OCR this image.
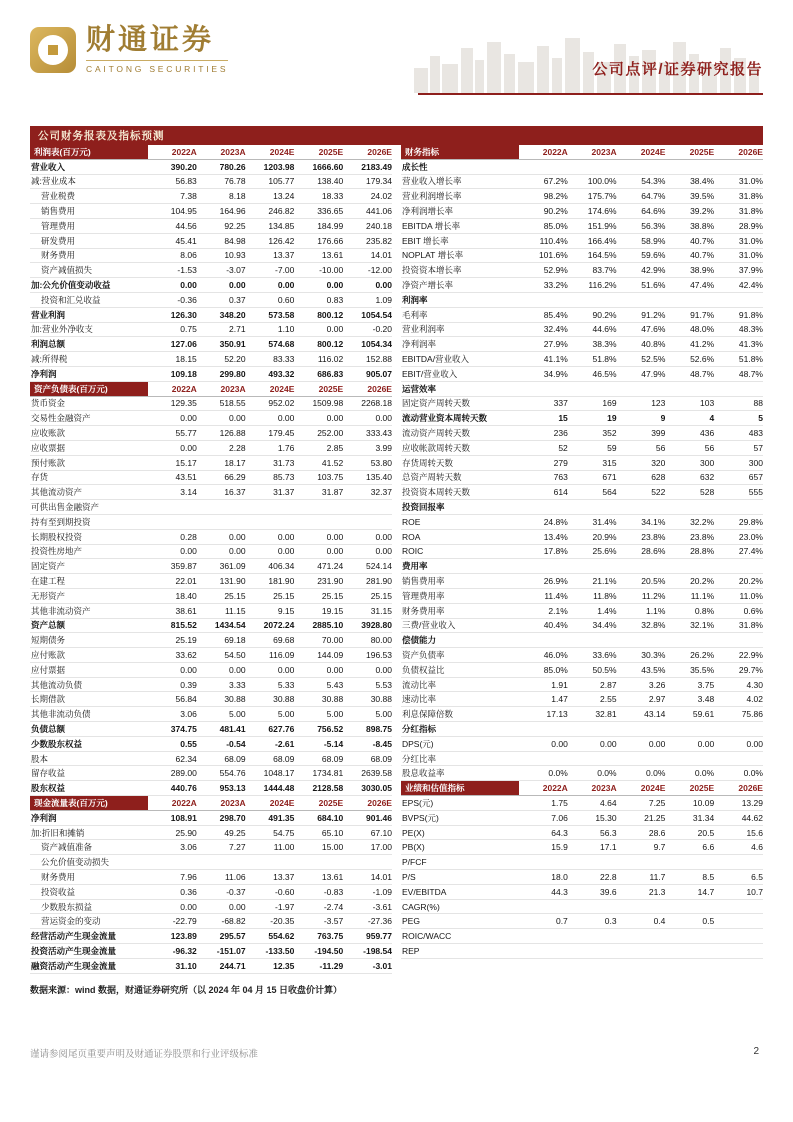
财通证券
CAITONG SECURITIES	公司点评/证券研究报告
公司财务报表及指标预测
利润表(百万元)	2022A	2023A	2024E	2025E	2026E
营业收入	390.20	780.26	1203.98	1666.60	2183.49
减:营业成本	56.83	76.78	105.77	138.40	179.34
营业税费	7.38	8.18	13.24	18.33	24.02
销售费用	104.95	164.96	246.82	336.65	441.06
管理费用	44.56	92.25	134.85	184.99	240.18
研发费用	45.41	84.98	126.42	176.66	235.82
财务费用	8.06	10.93	13.37	13.61	14.01
资产减值损失	-1.53	-3.07	-7.00	-10.00	-12.00
加:公允价值变动收益	0.00	0.00	0.00	0.00	0.00
投资和汇兑收益	-0.36	0.37	0.60	0.83	1.09
营业利润	126.30	348.20	573.58	800.12	1054.54
加:营业外净收支	0.75	2.71	1.10	0.00	-0.20
利润总额	127.06	350.91	574.68	800.12	1054.34
减:所得税	18.15	52.20	83.33	116.02	152.88
净利润	109.18	299.80	493.32	686.83	905.07
资产负债表(百万元)	2022A	2023A	2024E	2025E	2026E
货币资金	129.35	518.55	952.02	1509.98	2268.18
交易性金融资产	0.00	0.00	0.00	0.00	0.00
应收账款	55.77	126.88	179.45	252.00	333.43
应收票据	0.00	2.28	1.76	2.85	3.99
预付账款	15.17	18.17	31.73	41.52	53.80
存货	43.51	66.29	85.73	103.75	135.40
其他流动资产	3.14	16.37	31.37	31.87	32.37
可供出售金融资产
持有至到期投资
长期股权投资	0.28	0.00	0.00	0.00	0.00
投资性房地产	0.00	0.00	0.00	0.00	0.00
固定资产	359.87	361.09	406.34	471.24	524.14
在建工程	22.01	131.90	181.90	231.90	281.90
无形资产	18.40	25.15	25.15	25.15	25.15
其他非流动资产	38.61	11.15	9.15	19.15	31.15
资产总额	815.52	1434.54	2072.24	2885.10	3928.80
短期债务	25.19	69.18	69.68	70.00	80.00
应付账款	33.62	54.50	116.09	144.09	196.53
应付票据	0.00	0.00	0.00	0.00	0.00
其他流动负债	0.39	3.33	5.33	5.43	5.53
长期借款	56.84	30.88	30.88	30.88	30.88
其他非流动负债	3.06	5.00	5.00	5.00	5.00
负债总额	374.75	481.41	627.76	756.52	898.75
少数股东权益	0.55	-0.54	-2.61	-5.14	-8.45
股本	62.34	68.09	68.09	68.09	68.09
留存收益	289.00	554.76	1048.17	1734.81	2639.58
股东权益	440.76	953.13	1444.48	2128.58	3030.05
现金流量表(百万元)	2022A	2023A	2024E	2025E	2026E
净利润	108.91	298.70	491.35	684.10	901.46
加:折旧和摊销	25.90	49.25	54.75	65.10	67.10
资产减值准备	3.06	7.27	11.00	15.00	17.00
公允价值变动损失
财务费用	7.96	11.06	13.37	13.61	14.01
投资收益	0.36	-0.37	-0.60	-0.83	-1.09
少数股东损益	0.00	0.00	-1.97	-2.74	-3.61
营运资金的变动	-22.79	-68.82	-20.35	-3.57	-27.36
经营活动产生现金流量	123.89	295.57	554.62	763.75	959.77
投资活动产生现金流量	-96.32	-151.07	-133.50	-194.50	-198.54
融资活动产生现金流量	31.10	244.71	12.35	-11.29	-3.01
财务指标	2022A	2023A	2024E	2025E	2026E
成长性
营业收入增长率	67.2%	100.0%	54.3%	38.4%	31.0%
营业利润增长率	98.2%	175.7%	64.7%	39.5%	31.8%
净利润增长率	90.2%	174.6%	64.6%	39.2%	31.8%
EBITDA 增长率	85.0%	151.9%	56.3%	38.8%	28.9%
EBIT 增长率	110.4%	166.4%	58.9%	40.7%	31.0%
NOPLAT 增长率	101.6%	164.5%	59.6%	40.7%	31.0%
投资资本增长率	52.9%	83.7%	42.9%	38.9%	37.9%
净资产增长率	33.2%	116.2%	51.6%	47.4%	42.4%
利润率
毛利率	85.4%	90.2%	91.2%	91.7%	91.8%
营业利润率	32.4%	44.6%	47.6%	48.0%	48.3%
净利润率	27.9%	38.3%	40.8%	41.2%	41.3%
EBITDA/营业收入	41.1%	51.8%	52.5%	52.6%	51.8%
EBIT/营业收入	34.9%	46.5%	47.9%	48.7%	48.7%
运营效率
固定资产周转天数	337	169	123	103	88
流动营业资本周转天数	15	19	9	4	5
流动资产周转天数	236	352	399	436	483
应收帐款周转天数	52	59	56	56	57
存货周转天数	279	315	320	300	300
总资产周转天数	763	671	628	632	657
投资资本周转天数	614	564	522	528	555
投资回报率
ROE	24.8%	31.4%	34.1%	32.2%	29.8%
ROA	13.4%	20.9%	23.8%	23.8%	23.0%
ROIC	17.8%	25.6%	28.6%	28.8%	27.4%
费用率
销售费用率	26.9%	21.1%	20.5%	20.2%	20.2%
管理费用率	11.4%	11.8%	11.2%	11.1%	11.0%
财务费用率	2.1%	1.4%	1.1%	0.8%	0.6%
三费/营业收入	40.4%	34.4%	32.8%	32.1%	31.8%
偿债能力
资产负债率	46.0%	33.6%	30.3%	26.2%	22.9%
负债权益比	85.0%	50.5%	43.5%	35.5%	29.7%
流动比率	1.91	2.87	3.26	3.75	4.30
速动比率	1.47	2.55	2.97	3.48	4.02
利息保障倍数	17.13	32.81	43.14	59.61	75.86
分红指标
DPS(元)	0.00	0.00	0.00	0.00	0.00
分红比率
股息收益率	0.0%	0.0%	0.0%	0.0%	0.0%
业绩和估值指标	2022A	2023A	2024E	2025E	2026E
EPS(元)	1.75	4.64	7.25	10.09	13.29
BVPS(元)	7.06	15.30	21.25	31.34	44.62
PE(X)	64.3	56.3	28.6	20.5	15.6
PB(X)	15.9	17.1	9.7	6.6	4.6
P/FCF
P/S	18.0	22.8	11.7	8.5	6.5
EV/EBITDA	44.3	39.6	21.3	14.7	10.7
CAGR(%)
PEG	0.7	0.3	0.4	0.5
ROIC/WACC
REP
数据来源：wind 数据，财通证券研究所（以 2024 年 04 月 15 日收盘价计算）
谨请参阅尾页重要声明及财通证券股票和行业评级标准	2
